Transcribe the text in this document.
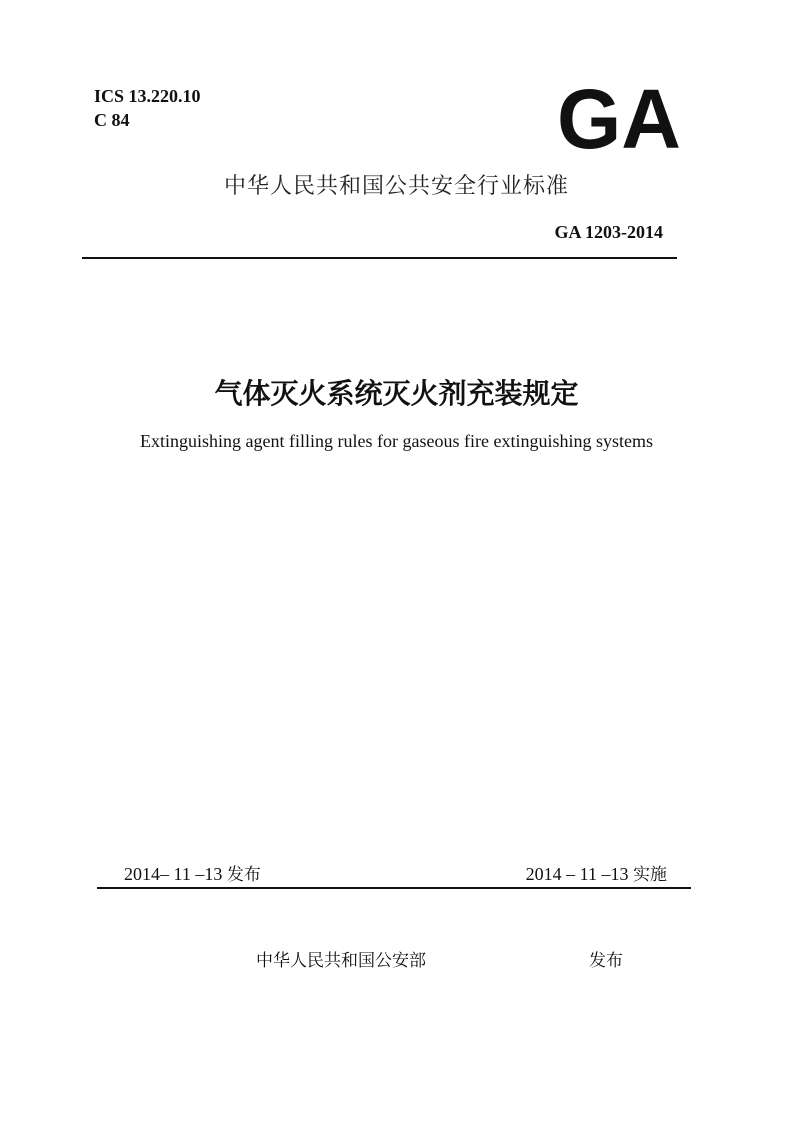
ICS 13.220.10
C 84	GA
中华人民共和国公共安全行业标准
GA 1203-2014
气体灭火系统灭火剂充装规定
Extinguishing agent filling rules for gaseous fire extinguishing systems
2014– 11 –13 发布	2014 – 11 –13 实施
中华人民共和国公安部	发布
